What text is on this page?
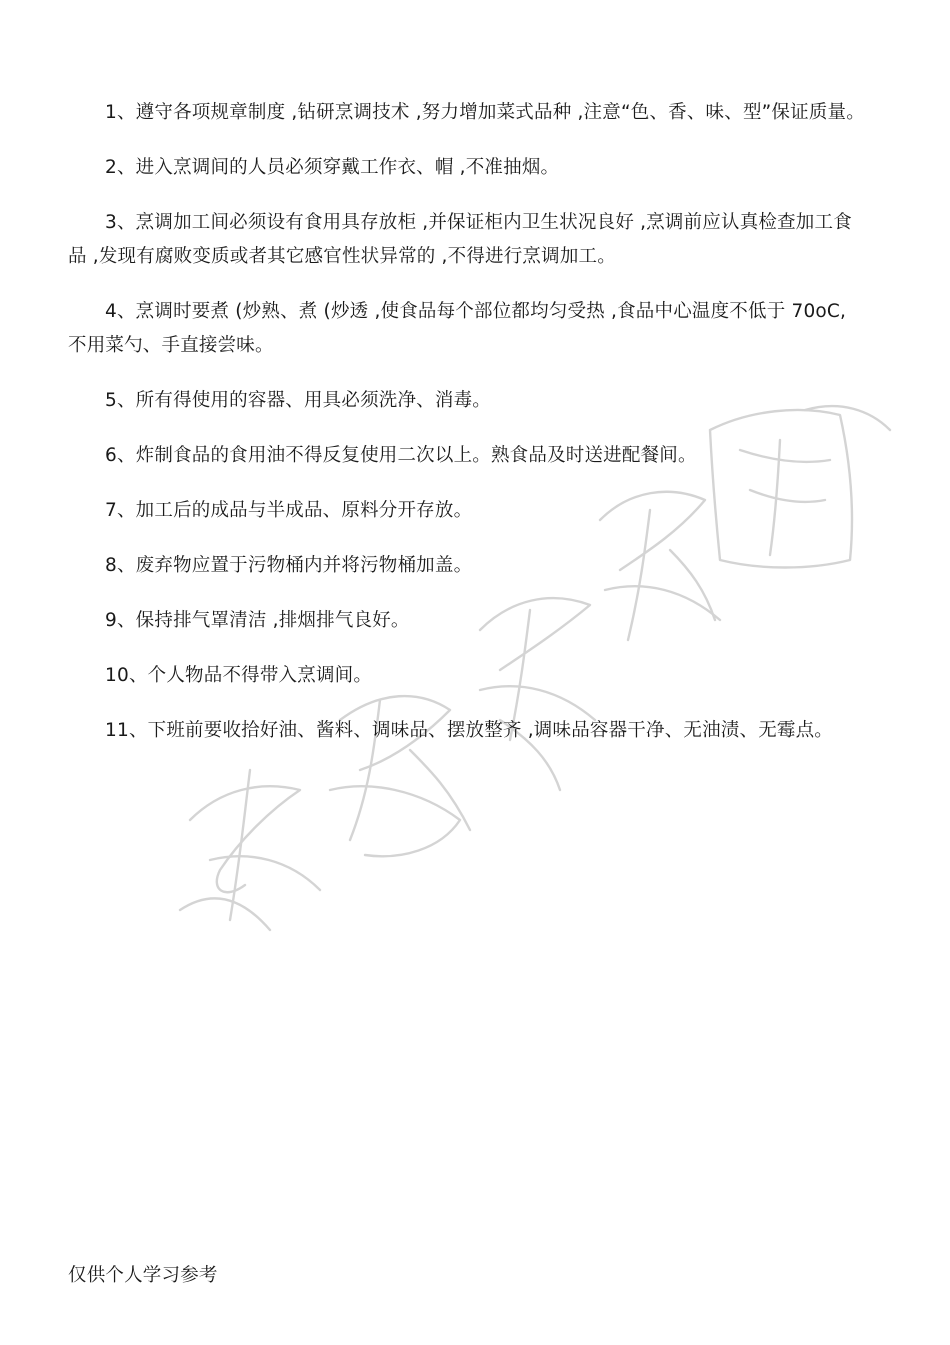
1、遵守各项规章制度 ,钻研烹调技术 ,努力增加菜式品种 ,注意“色、香、味、型”保证质量。
2、进入烹调间的人员必须穿戴工作衣、帽 ,不准抽烟。
3、烹调加工间必须设有食用具存放柜 ,并保证柜内卫生状况良好 ,烹调前应认真检查加工食品 ,发现有腐败变质或者其它感官性状异常的 ,不得进行烹调加工。
4、烹调时要煮 (炒熟、煮 (炒透 ,使食品每个部位都均匀受热 ,食品中心温度不低于 70oC, 不用菜勺、手直接尝味。
5、所有得使用的容器、用具必须洗净、消毒。
6、炸制食品的食用油不得反复使用二次以上。熟食品及时送进配餐间。
7、加工后的成品与半成品、原料分开存放。
8、废弃物应置于污物桶内并将污物桶加盖。
9、保持排气罩清洁 ,排烟排气良好。
10、个人物品不得带入烹调间。
11、下班前要收拾好油、酱料、调味品、摆放整齐 ,调味品容器干净、无油渍、无霉点。
仅供个人学习参考
